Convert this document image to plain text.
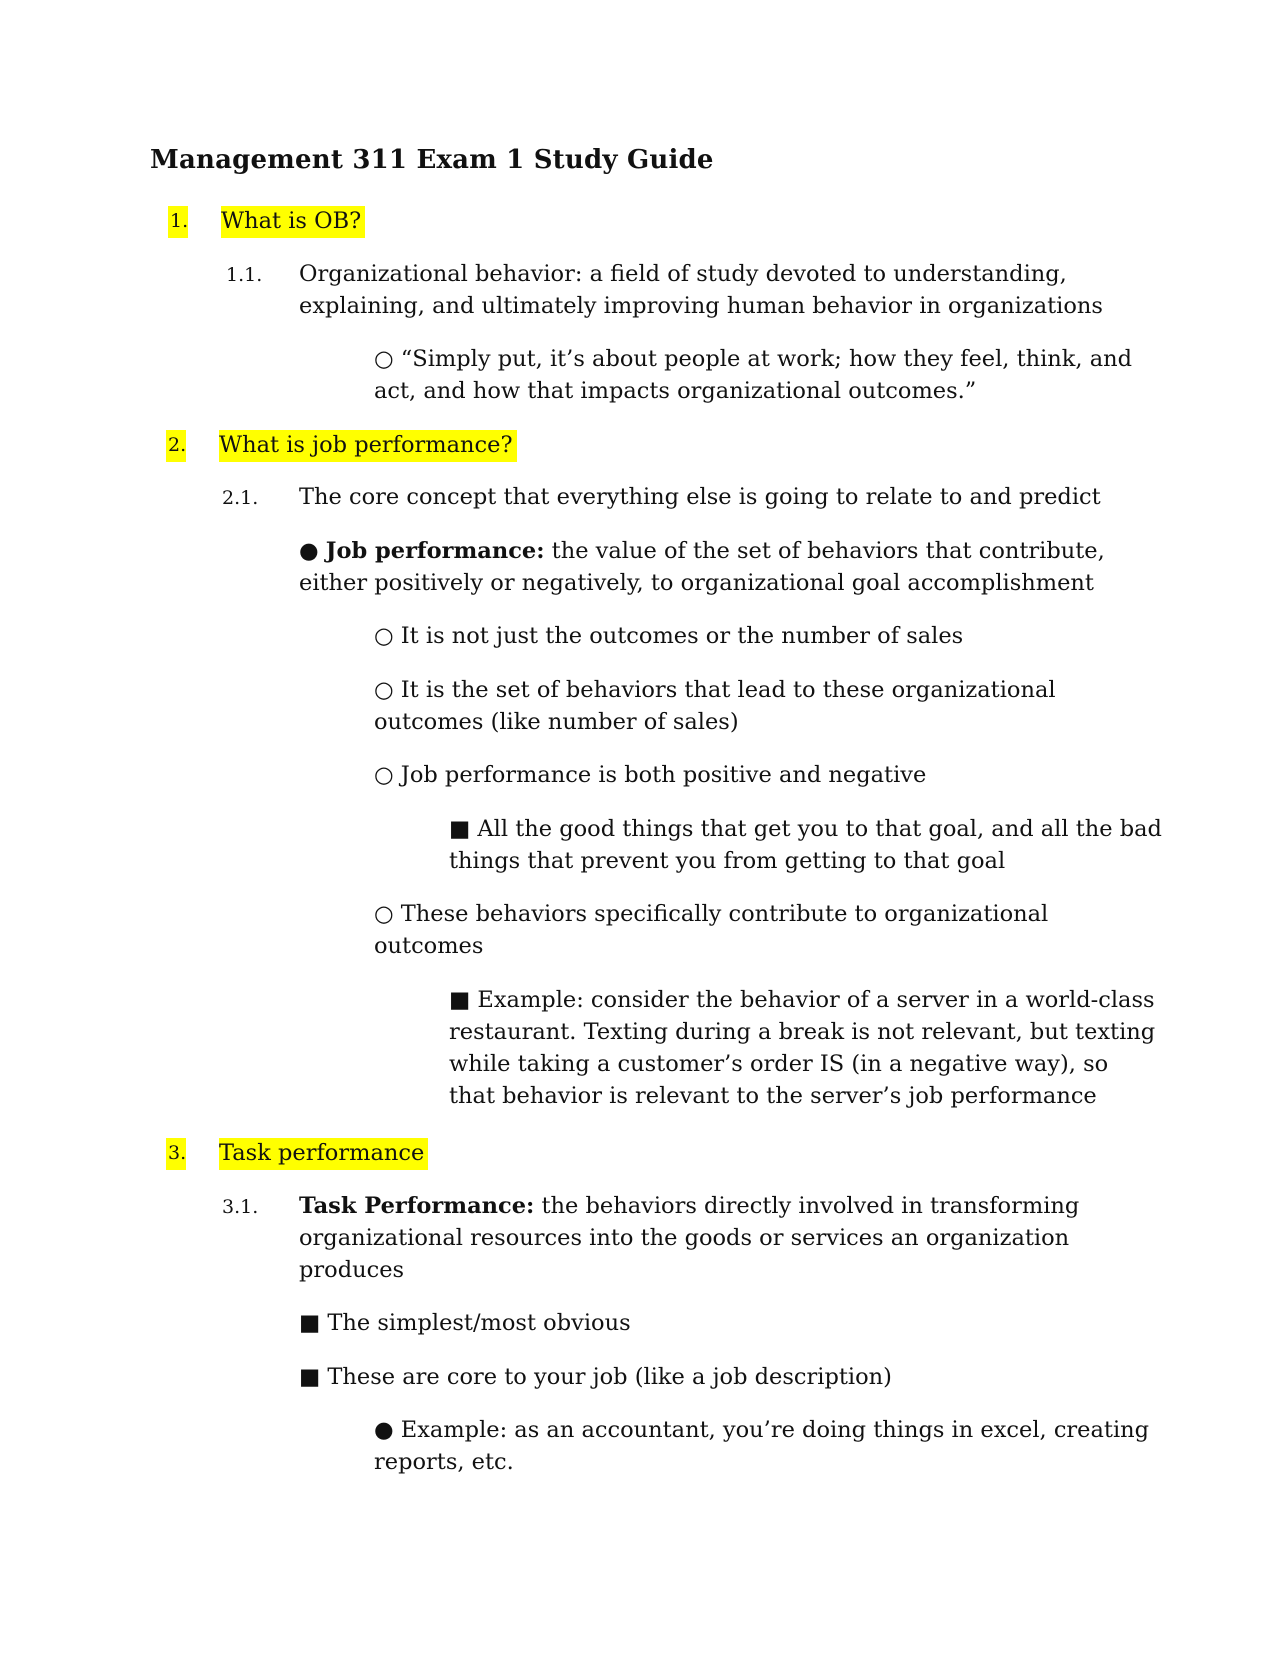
Management 311 Exam 1 Study Guide
1. What is OB?
1.1. Organizational behavior: a field of study devoted to understanding,
explaining, and ultimately improving human behavior in organizations
○ “Simply put, it’s about people at work; how they feel, think, and
act, and how that impacts organizational outcomes.”
2. What is job performance?
2.1. The core concept that everything else is going to relate to and predict
● Job performance: the value of the set of behaviors that contribute,
either positively or negatively, to organizational goal accomplishment
○ It is not just the outcomes or the number of sales
○ It is the set of behaviors that lead to these organizational
outcomes (like number of sales)
○ Job performance is both positive and negative
■ All the good things that get you to that goal, and all the bad
things that prevent you from getting to that goal
○ These behaviors specifically contribute to organizational
outcomes
■ Example: consider the behavior of a server in a world-class
restaurant. Texting during a break is not relevant, but texting
while taking a customer’s order IS (in a negative way), so
that behavior is relevant to the server’s job performance
3. Task performance
3.1. Task Performance: the behaviors directly involved in transforming
organizational resources into the goods or services an organization
produces
■ The simplest/most obvious
■ These are core to your job (like a job description)
● Example: as an accountant, you’re doing things in excel, creating
reports, etc.
